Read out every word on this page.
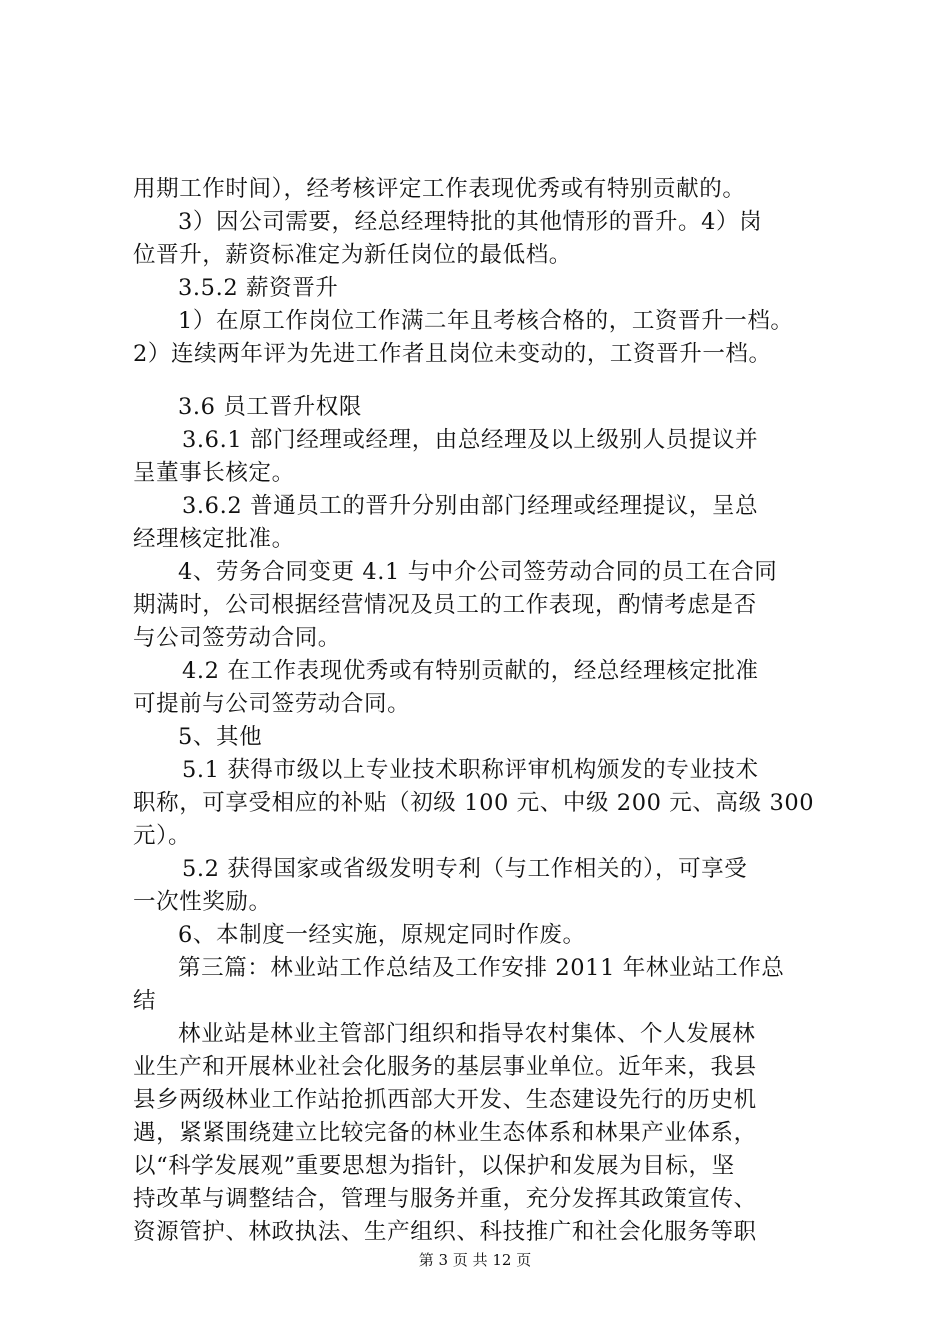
用期工作时间），经考核评定工作表现优秀或有特别贡献的。
3）因公司需要，经总经理特批的其他情形的晋升。4）岗
位晋升，薪资标准定为新任岗位的最低档。
3.5.2 薪资晋升
1）在原工作岗位工作满二年且考核合格的，工资晋升一档。
2）连续两年评为先进工作者且岗位未变动的，工资晋升一档。
3.6 员工晋升权限
3.6.1 部门经理或经理，由总经理及以上级别人员提议并
呈董事长核定。
3.6.2 普通员工的晋升分别由部门经理或经理提议，呈总
经理核定批准。
4、劳务合同变更 4.1 与中介公司签劳动合同的员工在合同
期满时，公司根据经营情况及员工的工作表现，酌情考虑是否
与公司签劳动合同。
4.2 在工作表现优秀或有特别贡献的，经总经理核定批准
可提前与公司签劳动合同。
5、其他
5.1 获得市级以上专业技术职称评审机构颁发的专业技术
职称，可享受相应的补贴（初级 100 元、中级 200 元、高级 300
元）。
5.2 获得国家或省级发明专利（与工作相关的），可享受
一次性奖励。
6、本制度一经实施，原规定同时作废。
第三篇：林业站工作总结及工作安排 2011 年林业站工作总
结
林业站是林业主管部门组织和指导农村集体、个人发展林
业生产和开展林业社会化服务的基层事业单位。近年来，我县
县乡两级林业工作站抢抓西部大开发、生态建设先行的历史机
遇，紧紧围绕建立比较完备的林业生态体系和林果产业体系，
以“科学发展观”重要思想为指针，以保护和发展为目标，坚
持改革与调整结合，管理与服务并重，充分发挥其政策宣传、
资源管护、林政执法、生产组织、科技推广和社会化服务等职
第 3 页 共 12 页
